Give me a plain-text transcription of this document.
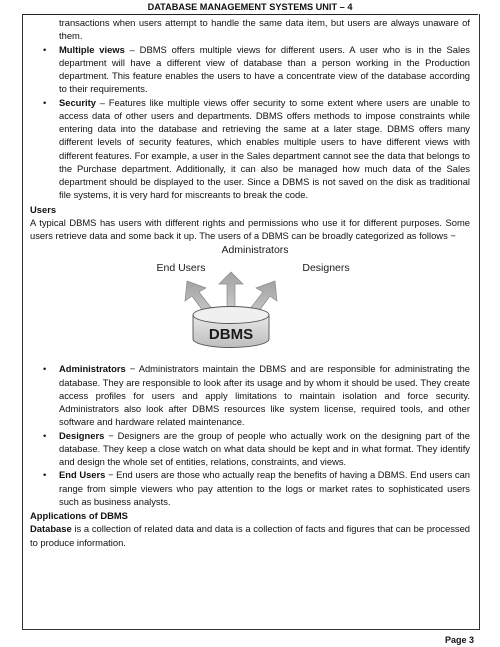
DATABASE MANAGEMENT SYSTEMS UNIT – 4
transactions when users attempt to handle the same data item, but users are always unaware of them.
• Multiple views – DBMS offers multiple views for different users. A user who is in the Sales department will have a different view of database than a person working in the Production department. This feature enables the users to have a concentrate view of the database according to their requirements.
• Security – Features like multiple views offer security to some extent where users are unable to access data of other users and departments. DBMS offers methods to impose constraints while entering data into the database and retrieving the same at a later stage. DBMS offers many different levels of security features, which enables multiple users to have different views with different features. For example, a user in the Sales department cannot see the data that belongs to the Purchase department. Additionally, it can also be managed how much data of the Sales department should be displayed to the user. Since a DBMS is not saved on the disk as traditional file systems, it is very hard for miscreants to break the code.

Users

A typical DBMS has users with different rights and permissions who use it for different purposes. Some users retrieve data and some back it up. The users of a DBMS can be broadly categorized as follows −

DBMS
Administrators
End Users	Designers
• Administrators − Administrators maintain the DBMS and are responsible for administrating the database. They are responsible to look after its usage and by whom it should be used. They create access profiles for users and apply limitations to maintain isolation and force security. Administrators also look after DBMS resources like system license, required tools, and other software and hardware related maintenance.
• Designers − Designers are the group of people who actually work on the designing part of the database. They keep a close watch on what data should be kept and in what format. They identify and design the whole set of entities, relations, constraints, and views.
• End Users − End users are those who actually reap the benefits of having a DBMS. End users can range from simple viewers who pay attention to the logs or market rates to sophisticated users such as business analysts.

Applications of DBMS

Database is a collection of related data and data is a collection of facts and figures that can be processed to produce information.

Page 3
